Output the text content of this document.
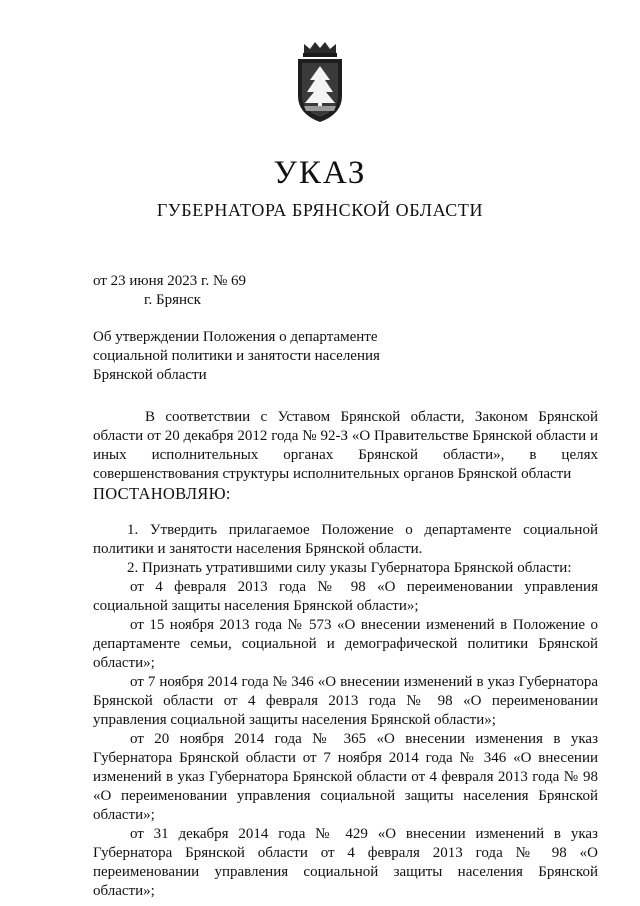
УКАЗ
ГУБЕРНАТОРА БРЯНСКОЙ ОБЛАСТИ
от 23 июня 2023 г. № 69
г. Брянск
Об утверждении Положения о департаменте
социальной политики и занятости населения
Брянской области

В соответствии с Уставом Брянской области, Законом Брянской области от 20 декабря 2012 года № 92-З «О Правительстве Брянской области и иных исполнительных органах Брянской области», в целях совершенствования структуры исполнительных органов Брянской области

ПОСТАНОВЛЯЮ:

1. Утвердить прилагаемое Положение о департаменте социальной политики и занятости населения Брянской области.

2. Признать утратившими силу указы Губернатора Брянской области:

от 4 февраля 2013 года № 98 «О переименовании управления социальной защиты населения Брянской области»;

от 15 ноября 2013 года № 573 «О внесении изменений в Положение о департаменте семьи, социальной и демографической политики Брянской области»;

от 7 ноября 2014 года № 346 «О внесении изменений в указ Губернатора Брянской области от 4 февраля 2013 года № 98 «О переименовании управления социальной защиты населения Брянской области»;

от 20 ноября 2014 года № 365 «О внесении изменения в указ Губернатора Брянской области от 7 ноября 2014 года № 346 «О внесении изменений в указ Губернатора Брянской области от 4 февраля 2013 года № 98 «О переименовании управления социальной защиты населения Брянской области»;

от 31 декабря 2014 года № 429 «О внесении изменений в указ Губернатора Брянской области от 4 февраля 2013 года № 98 «О переименовании управления социальной защиты населения Брянской области»;
